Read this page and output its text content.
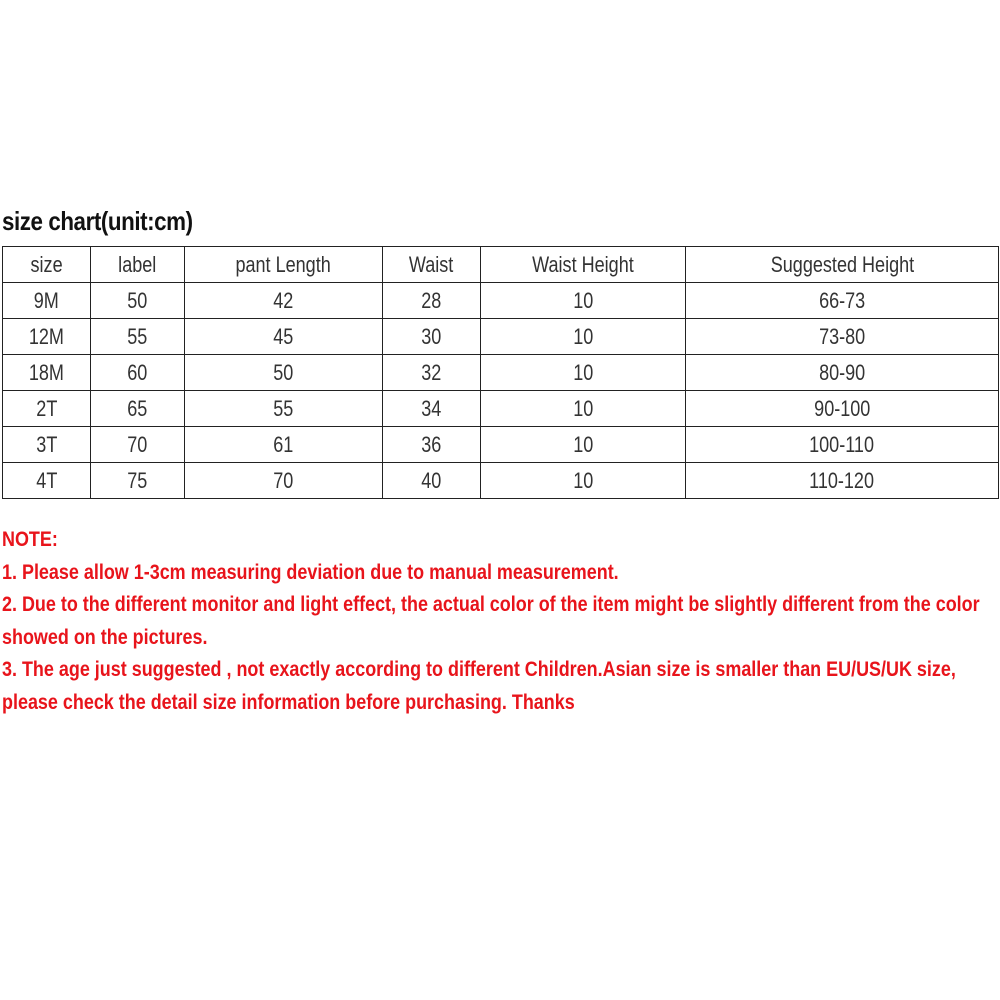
size chart(unit:cm)
size	label	pant Length	Waist	Waist Height	Suggested Height
9M	50	42	28	10	66-73
12M	55	45	30	10	73-80
18M	60	50	32	10	80-90
2T	65	55	34	10	90-100
3T	70	61	36	10	100-110
4T	75	70	40	10	110-120

NOTE:

1. Please allow 1-3cm measuring deviation due to manual measurement.

2. Due to the different monitor and light effect, the actual color of the item might be slightly different from the color showed on the pictures.

3. The age just suggested , not exactly according to different Children.Asian size is smaller than EU/US/UK size, please check the detail size information before purchasing. Thanks
